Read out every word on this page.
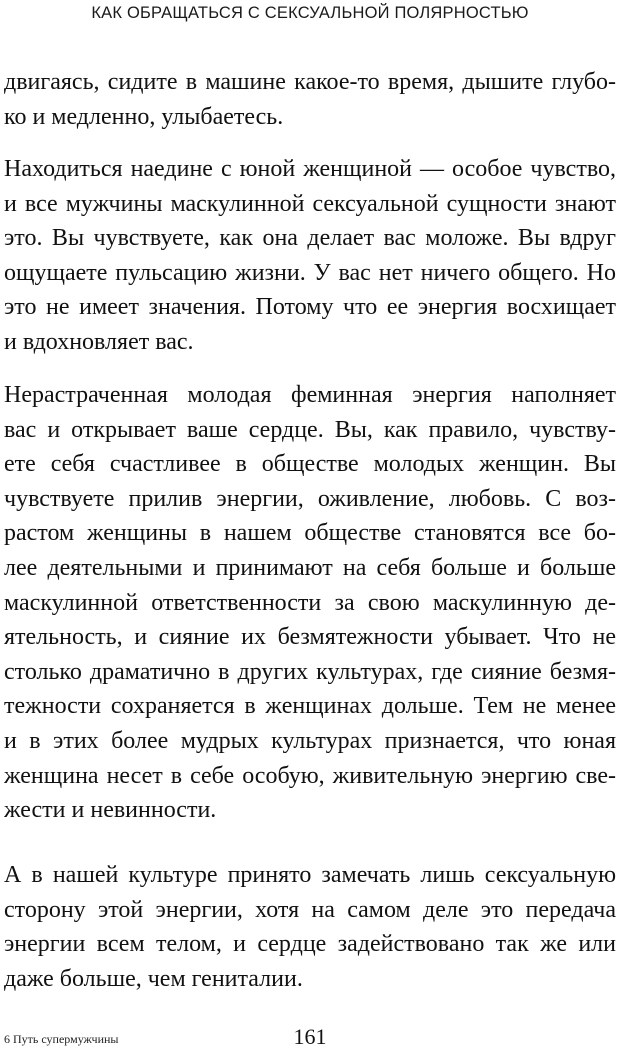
КАК ОБРАЩАТЬСЯ С СЕКСУАЛЬНОЙ ПОЛЯРНОСТЬЮ
двигаясь, сидите в машине какое-то время, дышите глубо-
ко и медленно, улыбаетесь.
Находиться наедине с юной женщиной — особое чувство,
и все мужчины маскулинной сексуальной сущности знают
это. Вы чувствуете, как она делает вас моложе. Вы вдруг
ощущаете пульсацию жизни. У вас нет ничего общего. Но
это не имеет значения. Потому что ее энергия восхищает
и вдохновляет вас.
Нерастраченная молодая феминная энергия наполняет
вас и открывает ваше сердце. Вы, как правило, чувству-
ете себя счастливее в обществе молодых женщин. Вы
чувствуете прилив энергии, оживление, любовь. С воз-
растом женщины в нашем обществе становятся все бо-
лее деятельными и принимают на себя больше и больше
маскулинной ответственности за свою маскулинную де-
ятельность, и сияние их безмятежности убывает. Что не
столько драматично в других культурах, где сияние безмя-
тежности сохраняется в женщинах дольше. Тем не менее
и в этих более мудрых культурах признается, что юная
женщина несет в себе особую, живительную энергию све-
жести и невинности.
А в нашей культуре принято замечать лишь сексуальную
сторону этой энергии, хотя на самом деле это передача
энергии всем телом, и сердце задействовано так же или
даже больше, чем гениталии.
6 Путь супермужчины	161
